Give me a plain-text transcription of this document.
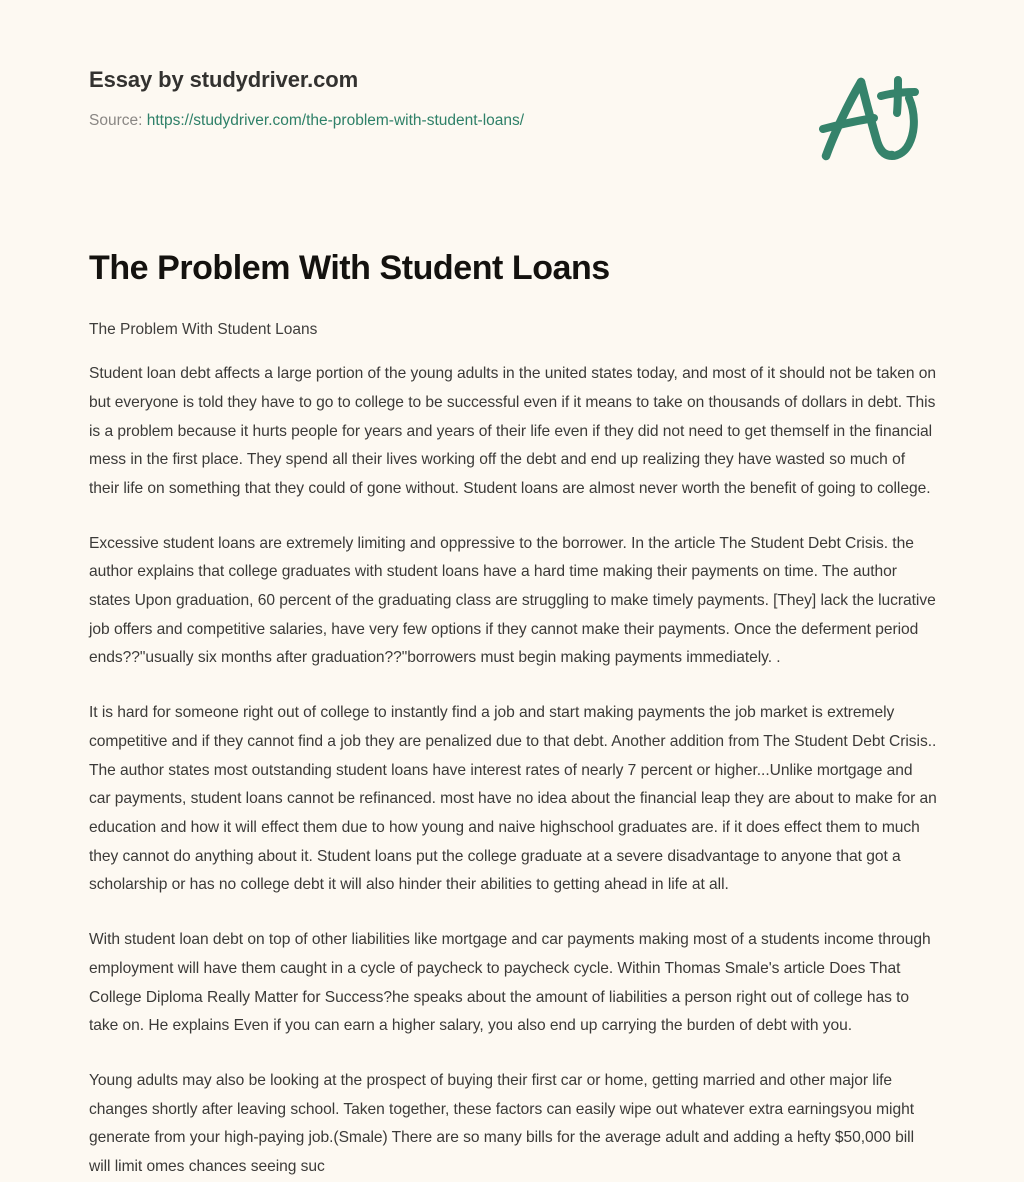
Essay by studydriver.com
Source: https://studydriver.com/the-problem-with-student-loans/
The Problem With Student Loans

The Problem With Student Loans

Student loan debt affects a large portion of the young adults in the united states today, and most of it should not be taken on but everyone is told they have to go to college to be successful even if it means to take on thousands of dollars in debt. This is a problem because it hurts people for years and years of their life even if they did not need to get themself in the financial mess in the first place. They spend all their lives working off the debt and end up realizing they have wasted so much of their life on something that they could of gone without. Student loans are almost never worth the benefit of going to college.

Excessive student loans are extremely limiting and oppressive to the borrower. In the article The Student Debt Crisis. the author explains that college graduates with student loans have a hard time making their payments on time. The author states Upon graduation, 60 percent of the graduating class are struggling to make timely payments. [They] lack the lucrative job offers and competitive salaries, have very few options if they cannot make their payments. Once the deferment period ends??"usually six months after graduation??"borrowers must begin making payments immediately. .

It is hard for someone right out of college to instantly find a job and start making payments the job market is extremely competitive and if they cannot find a job they are penalized due to that debt. Another addition from The Student Debt Crisis.. The author states most outstanding student loans have interest rates of nearly 7 percent or higher...Unlike mortgage and car payments, student loans cannot be refinanced. most have no idea about the financial leap they are about to make for an education and how it will effect them due to how young and naive highschool graduates are. if it does effect them to much they cannot do anything about it. Student loans put the college graduate at a severe disadvantage to anyone that got a scholarship or has no college debt it will also hinder their abilities to getting ahead in life at all.

With student loan debt on top of other liabilities like mortgage and car payments making most of a students income through employment will have them caught in a cycle of paycheck to paycheck cycle. Within Thomas Smale's article Does That College Diploma Really Matter for Success?he speaks about the amount of liabilities a person right out of college has to take on. He explains Even if you can earn a higher salary, you also end up carrying the burden of debt with you.

Young adults may also be looking at the prospect of buying their first car or home, getting married and other major life changes shortly after leaving school. Taken together, these factors can easily wipe out whatever extra earningsyou might generate from your high-paying job.(Smale) There are so many bills for the average adult and adding a hefty $50,000 bill will limit omes chances seeing suc
